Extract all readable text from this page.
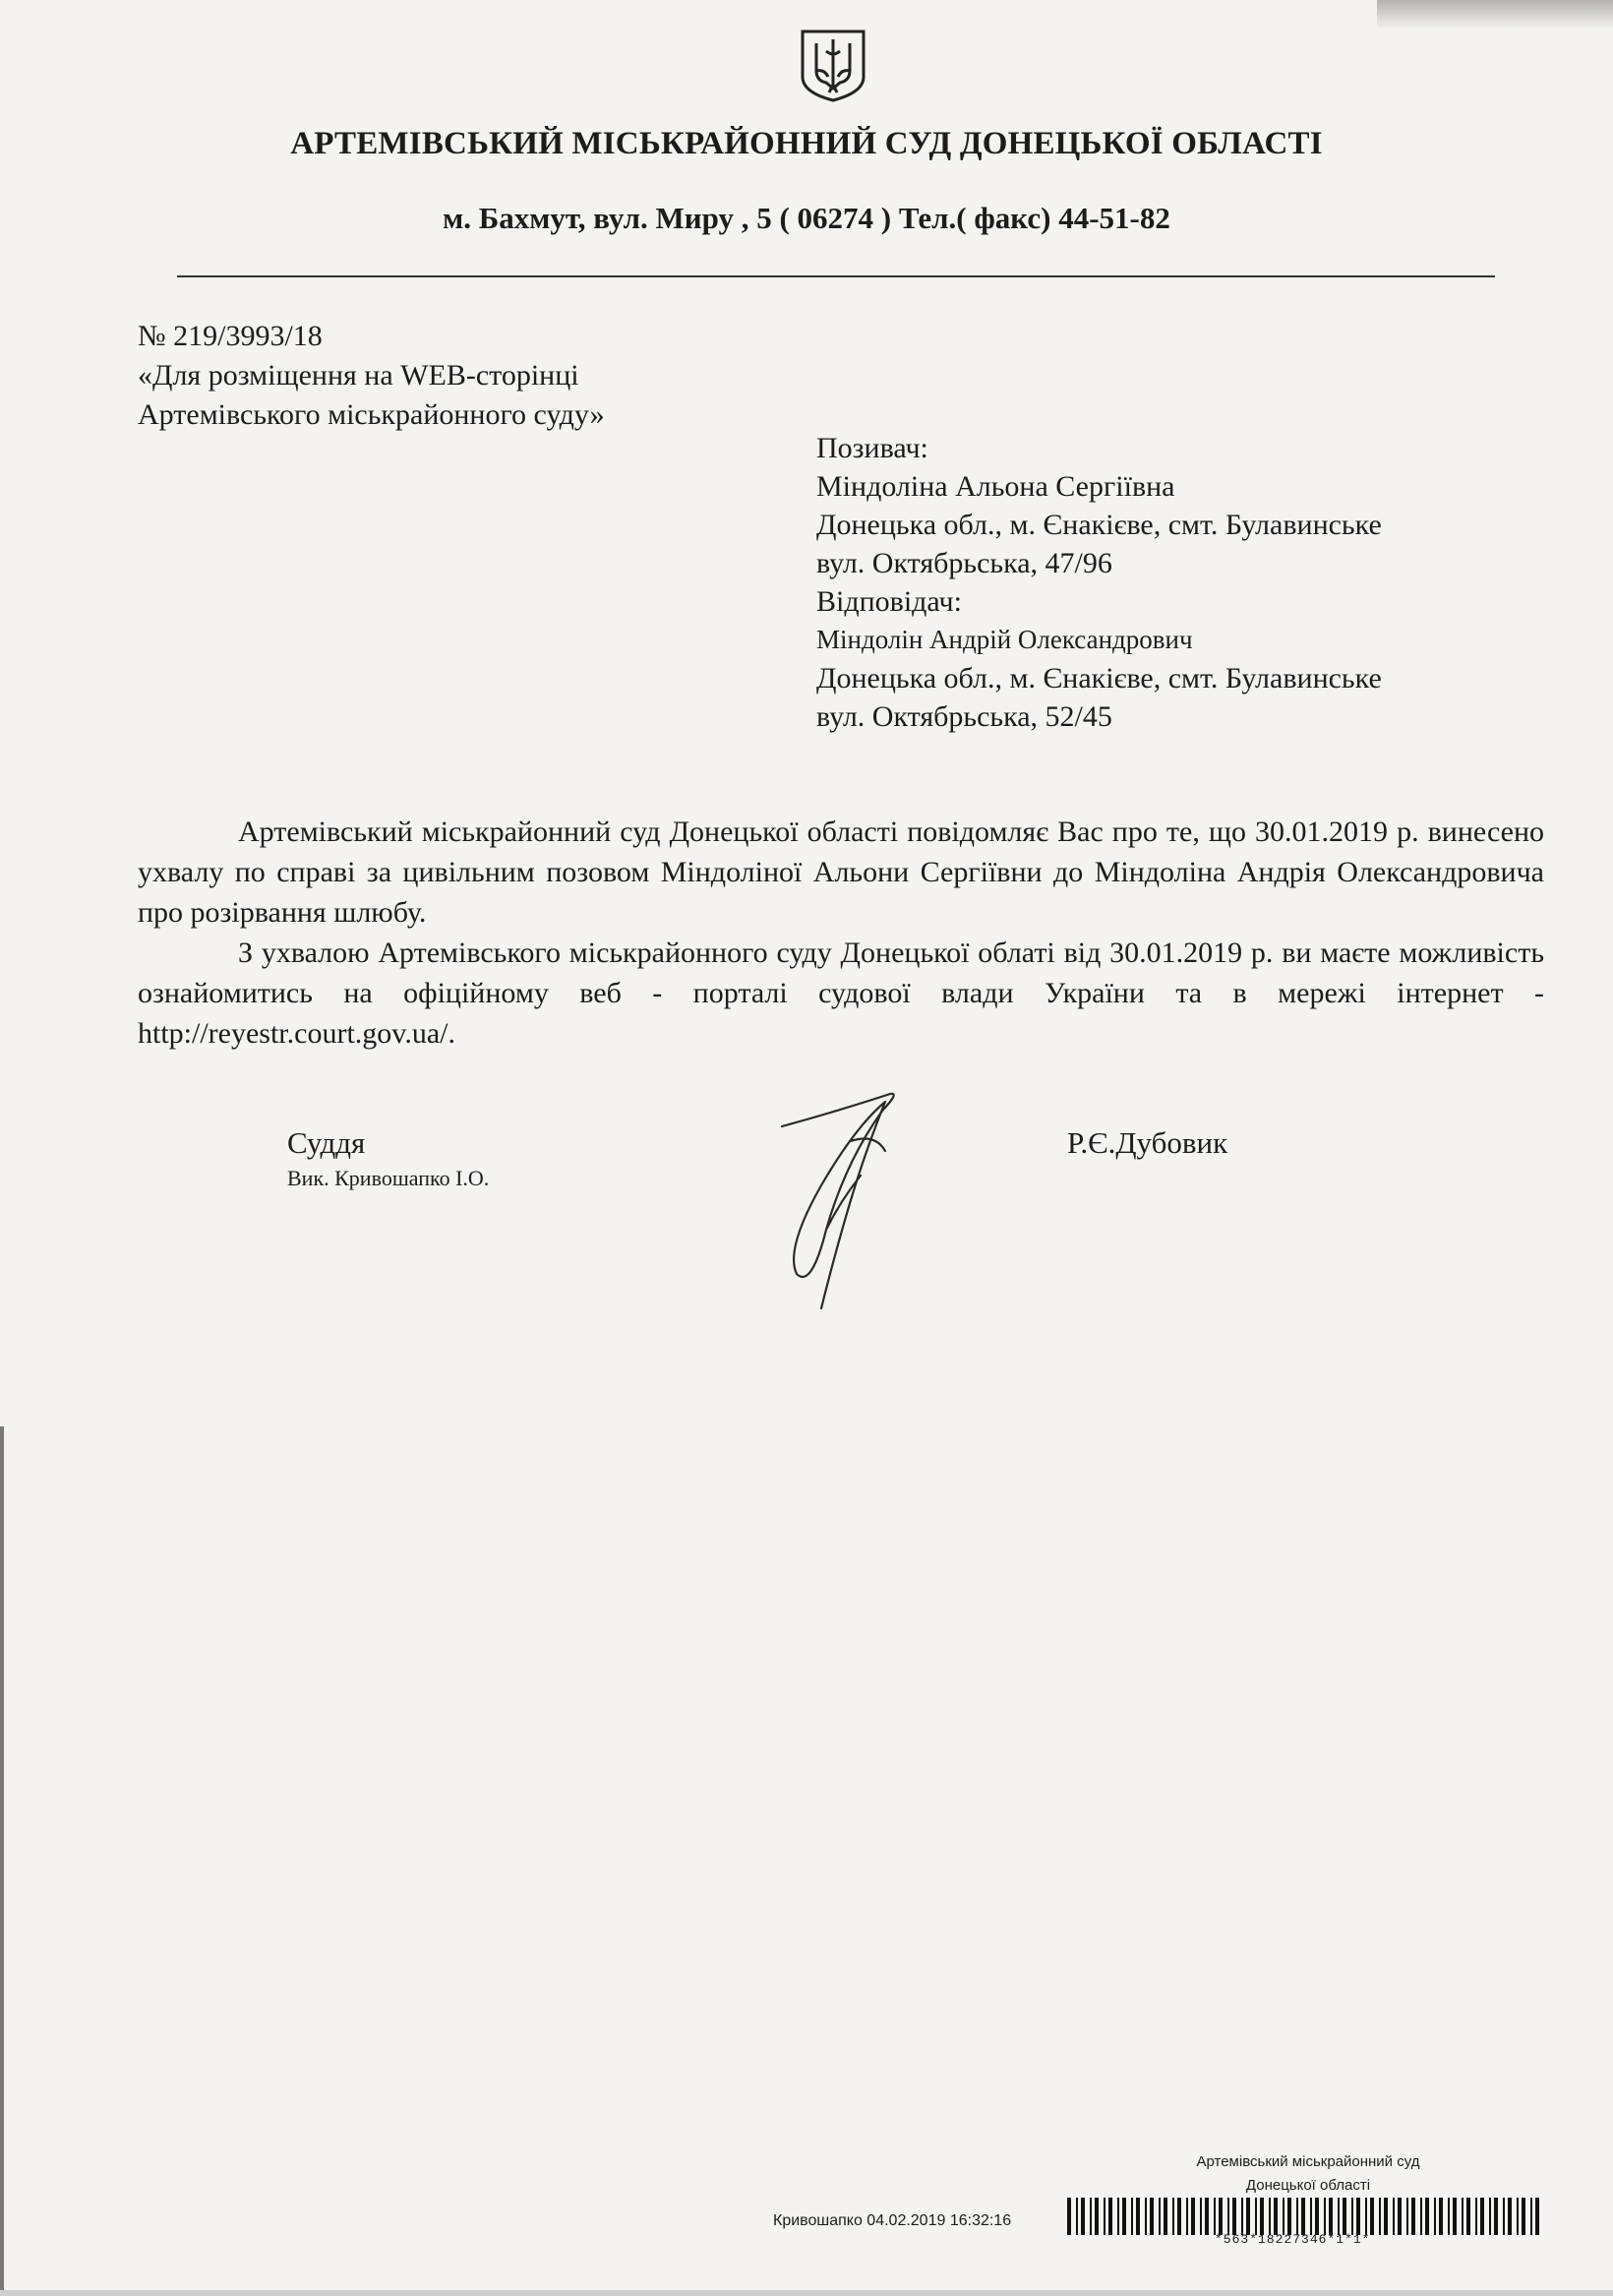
АРТЕМІВСЬКИЙ МІСЬКРАЙОННИЙ СУД ДОНЕЦЬКОЇ ОБЛАСТІ
м. Бахмут, вул. Миру , 5 ( 06274 ) Тел.( факс) 44-51-82
№ 219/3993/18
«Для розміщення на WEB-сторінці
Артемівського міськрайонного суду»
Позивач:
Міндоліна Альона Сергіївна
Донецька обл., м. Єнакієве, смт. Булавинське
вул. Октябрьська, 47/96
Відповідач:
Міндолін Андрій Олександрович
Донецька обл., м. Єнакієве, смт. Булавинське
вул. Октябрьська, 52/45

Артемівський міськрайонний суд Донецької області повідомляє Вас про те, що 30.01.2019 р. винесено ухвалу по справі за цивільним позовом Міндоліної Альони Сергіївни до Міндоліна Андрія Олександровича про розірвання шлюбу.

З ухвалою Артемівського міськрайонного суду Донецької облаті від 30.01.2019 р. ви маєте можливість ознайомитись на офіційному веб - порталі судової влади України та в мережі інтернет - http://reyestr.court.gov.ua/.

Суддя
Вик. Кривошапко І.О.
Р.Є.Дубовик
Артемівський міськрайонний суд
Донецької області
Кривошапко 04.02.2019 16:32:16
*563*18227346*1*1*
